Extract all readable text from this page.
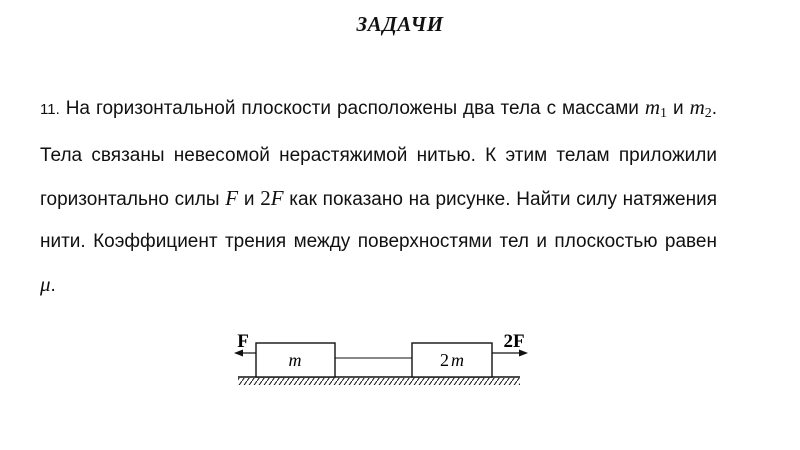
ЗАДАЧИ
11. На горизонтальной плоскости расположены два тела с массами $m_1$ и $m_2$. Тела связаны невесомой нерастяжимой нитью. К этим телам приложили горизонтально силы F и 2F как показано на рисунке. Найти силу натяжения нити. Коэффициент трения между поверхностями тел и плоскостью равен μ.
m	2 m
F	2F
